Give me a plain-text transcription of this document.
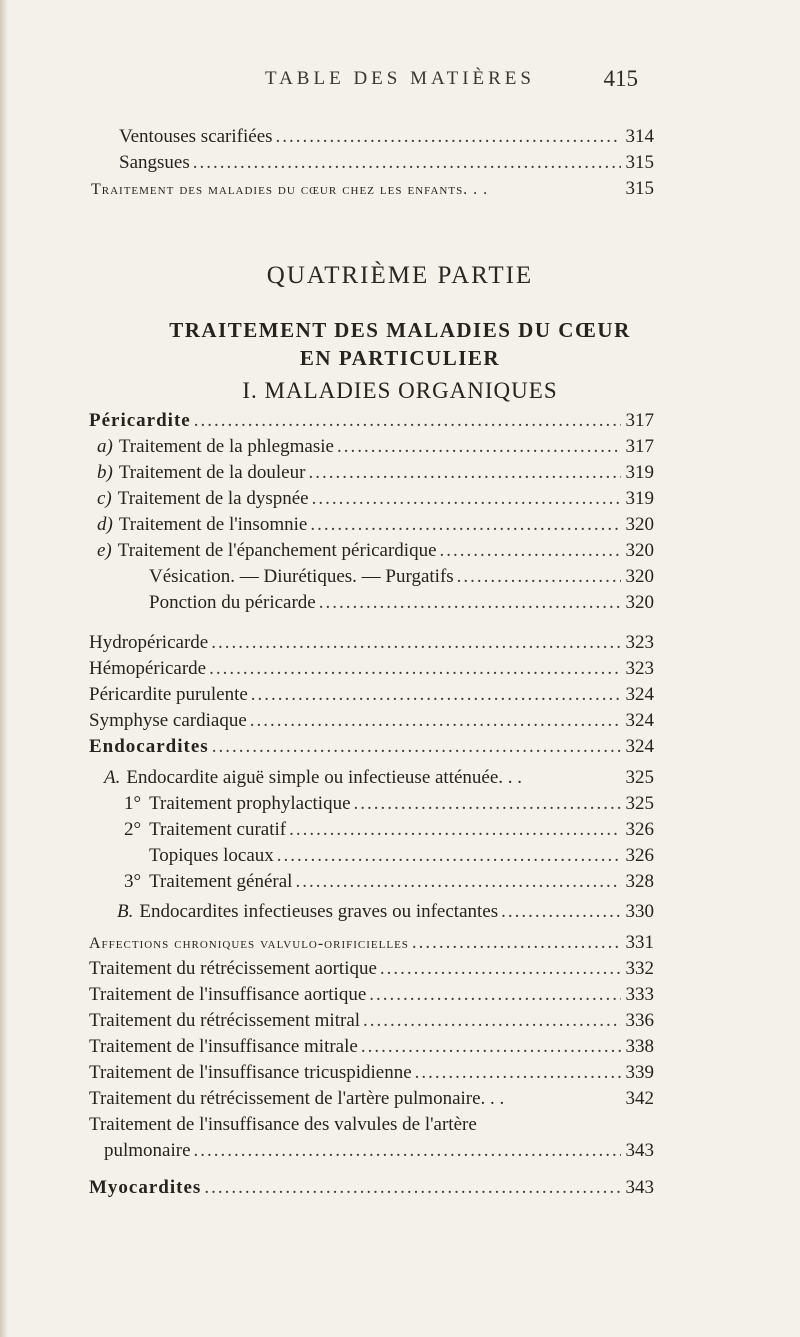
TABLE DES MATIÈRES	415
Ventouses scarifiées .....	314
Sangsues .....	315
Traitement des maladies du cœur chez les enfants. . .	315
QUATRIÈME PARTIE
TRAITEMENT DES MALADIES DU CŒUR
EN PARTICULIER
I. MALADIES ORGANIQUES
Péricardite .....	317
a) Traitement de la phlegmasie .....	317
b) Traitement de la douleur .....	319
c) Traitement de la dyspnée .....	319
d) Traitement de l'insomnie .....	320
e) Traitement de l'épanchement péricardique .....	320
Vésication. — Diurétiques. — Purgatifs .....	320
Ponction du péricarde .....	320
Hydropéricarde .....	323
Hémopéricarde .....	323
Péricardite purulente .....	324
Symphyse cardiaque .....	324
Endocardites .....	324
A. Endocardite aiguë simple ou infectieuse atténuée. . .	325
1° Traitement prophylactique .....	325
2° Traitement curatif .....	326
Topiques locaux .....	326
3° Traitement général .....	328
B. Endocardites infectieuses graves ou infectantes .....	330
Affections chroniques valvulo-orificielles .....	331
Traitement du rétrécissement aortique .....	332
Traitement de l'insuffisance aortique .....	333
Traitement du rétrécissement mitral .....	336
Traitement de l'insuffisance mitrale .....	338
Traitement de l'insuffisance tricuspidienne .....	339
Traitement du rétrécissement de l'artère pulmonaire. . .	342
Traitement de l'insuffisance des valvules de l'artère
pulmonaire .....	343
Myocardites .....	343
